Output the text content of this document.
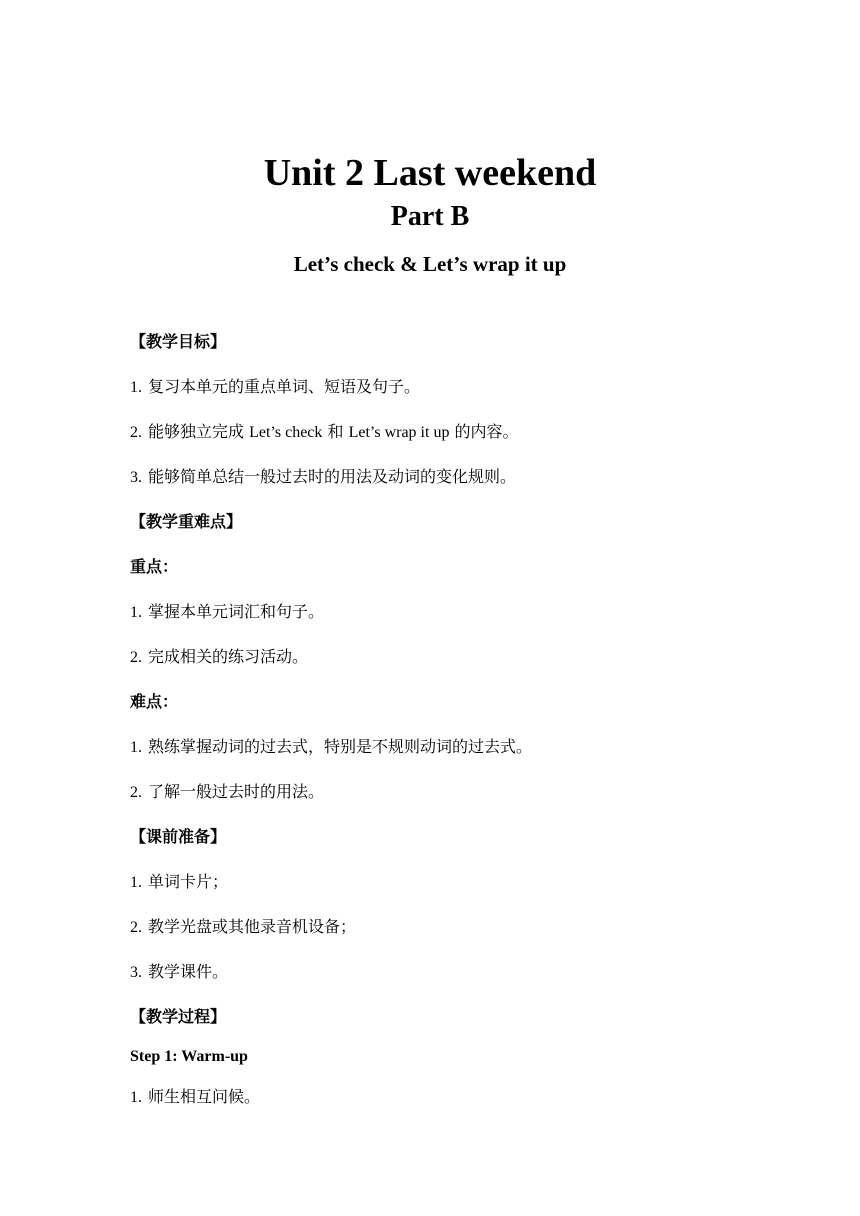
Unit 2 Last weekend
Part B
Let’s check & Let’s wrap it up
【教学目标】
1. 复习本单元的重点单词、短语及句子。
2. 能够独立完成 Let’s check 和 Let’s wrap it up 的内容。
3. 能够简单总结一般过去时的用法及动词的变化规则。
【教学重难点】
重点：
1. 掌握本单元词汇和句子。
2. 完成相关的练习活动。
难点：
1. 熟练掌握动词的过去式，特别是不规则动词的过去式。
2. 了解一般过去时的用法。
【课前准备】
1. 单词卡片；
2. 教学光盘或其他录音机设备；
3. 教学课件。
【教学过程】
Step 1: Warm-up
1. 师生相互问候。
